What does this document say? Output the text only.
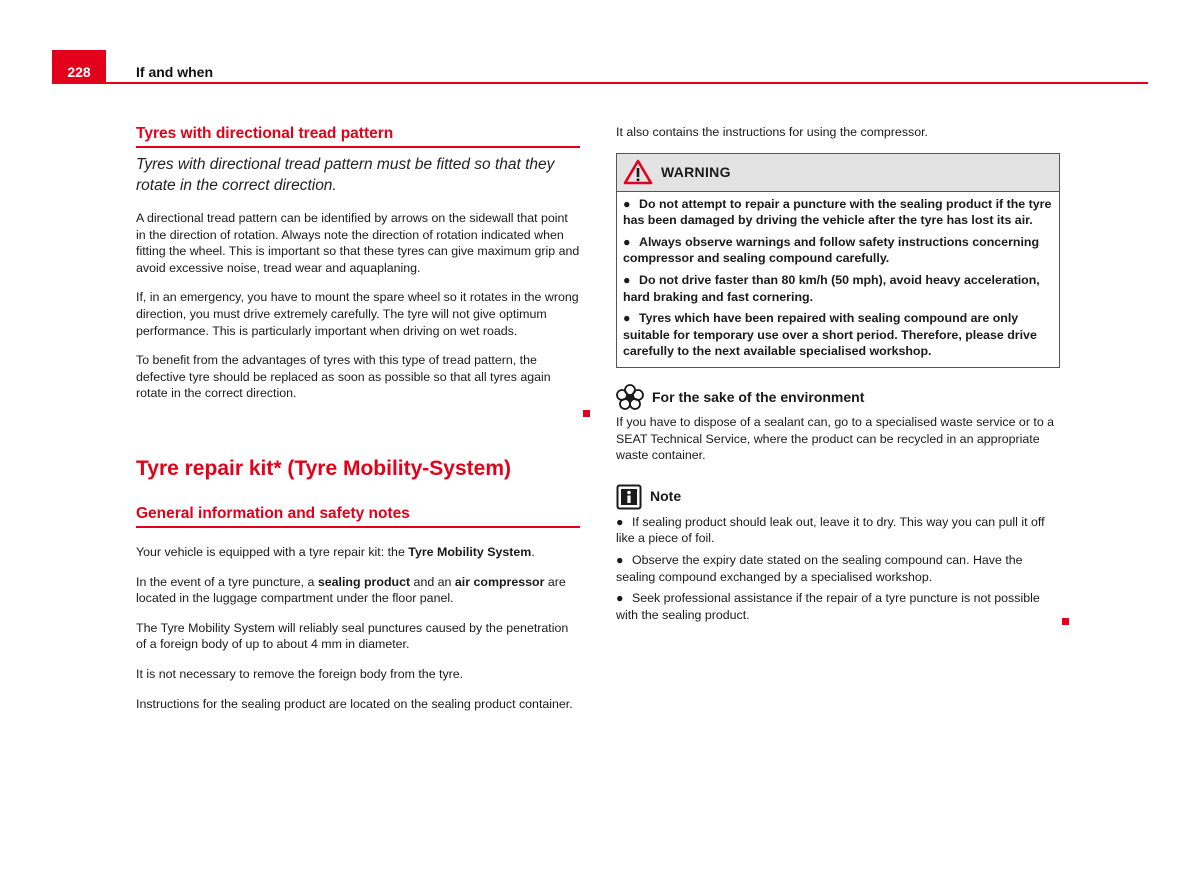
228	If and when
Tyres with directional tread pattern
Tyres with directional tread pattern must be fitted so that they rotate in the correct direction.

A directional tread pattern can be identified by arrows on the sidewall that point in the direction of rotation. Always note the direction of rotation indicated when fitting the wheel. This is important so that these tyres can give maximum grip and avoid excessive noise, tread wear and aquaplaning.

If, in an emergency, you have to mount the spare wheel so it rotates in the wrong direction, you must drive extremely carefully. The tyre will not give optimum performance. This is particularly important when driving on wet roads.

To benefit from the advantages of tyres with this type of tread pattern, the defective tyre should be replaced as soon as possible so that all tyres again rotate in the correct direction.

Tyre repair kit* (Tyre Mobility-System)
General information and safety notes

Your vehicle is equipped with a tyre repair kit: the Tyre Mobility System.

In the event of a tyre puncture, a sealing product and an air compressor are located in the luggage compartment under the floor panel.

The Tyre Mobility System will reliably seal punctures caused by the penetration of a foreign body of up to about 4 mm in diameter.

It is not necessary to remove the foreign body from the tyre.

Instructions for the sealing product are located on the sealing product container.

It also contains the instructions for using the compressor.

WARNING
● Do not attempt to repair a puncture with the sealing product if the tyre has been damaged by driving the vehicle after the tyre has lost its air.
● Always observe warnings and follow safety instructions concerning compressor and sealing compound carefully.
● Do not drive faster than 80 km/h (50 mph), avoid heavy acceleration, hard braking and fast cornering.
● Tyres which have been repaired with sealing compound are only suitable for temporary use over a short period. Therefore, please drive carefully to the next available specialised workshop.
For the sake of the environment

If you have to dispose of a sealant can, go to a specialised waste service or to a SEAT Technical Service, where the product can be recycled in an appropriate waste container.

Note
● If sealing product should leak out, leave it to dry. This way you can pull it off like a piece of foil.
● Observe the expiry date stated on the sealing compound can. Have the sealing compound exchanged by a specialised workshop.
● Seek professional assistance if the repair of a tyre puncture is not possible with the sealing product.
